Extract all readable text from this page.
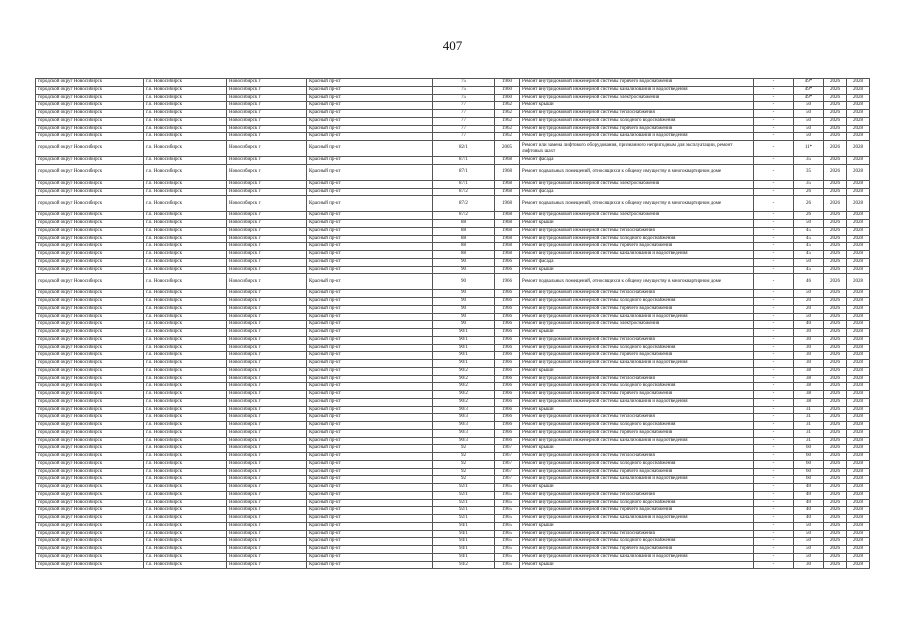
407
городской округ Новосибирск	г.о. Новосибирск	Новосибирск г	Красный пр-кт	75	1960	Ремонт внутридомовой инженерной системы горячего водоснабжения	-	49*	2026	2028
городской округ Новосибирск	г.о. Новосибирск	Новосибирск г	Красный пр-кт	75	1960	Ремонт внутридомовой инженерной системы канализования и водоотведения	-	49*	2026	2028
городской округ Новосибирск	г.о. Новосибирск	Новосибирск г	Красный пр-кт	75	1960	Ремонт внутридомовой инженерной системы электроснабжения	-	49*	2026	2028
городской округ Новосибирск	г.о. Новосибирск	Новосибирск г	Красный пр-кт	77	1962	Ремонт крыши	-	50	2026	2028
городской округ Новосибирск	г.о. Новосибирск	Новосибирск г	Красный пр-кт	77	1962	Ремонт внутридомовой инженерной системы теплоснабжения	-	50	2026	2028
городской округ Новосибирск	г.о. Новосибирск	Новосибирск г	Красный пр-кт	77	1962	Ремонт внутридомовой инженерной системы холодного водоснабжения	-	50	2026	2028
городской округ Новосибирск	г.о. Новосибирск	Новосибирск г	Красный пр-кт	77	1962	Ремонт внутридомовой инженерной системы горячего водоснабжения	-	50	2026	2028
городской округ Новосибирск	г.о. Новосибирск	Новосибирск г	Красный пр-кт	77	1962	Ремонт внутридомовой инженерной системы канализования и водоотведения	-	50	2026	2028
городской округ Новосибирск	г.о. Новосибирск	Новосибирск г	Красный пр-кт	82/1	2005	Ремонт или замена лифтового оборудования, признанного непригодным для эксплуатации, ремонт лифтовых шахт	-	11*	2026	2028
городской округ Новосибирск	г.о. Новосибирск	Новосибирск г	Красный пр-кт	87/1	1968	Ремонт фасада	-	35	2026	2028
городской округ Новосибирск	г.о. Новосибирск	Новосибирск г	Красный пр-кт	87/1	1968	Ремонт подвальных помещений, относящихся к общему имуществу в многоквартирном доме	-	35	2026	2028
городской округ Новосибирск	г.о. Новосибирск	Новосибирск г	Красный пр-кт	87/1	1968	Ремонт внутридомовой инженерной системы электроснабжения	-	35	2026	2028
городской округ Новосибирск	г.о. Новосибирск	Новосибирск г	Красный пр-кт	87/2	1968	Ремонт фасада	-	26	2026	2028
городской округ Новосибирск	г.о. Новосибирск	Новосибирск г	Красный пр-кт	87/2	1968	Ремонт подвальных помещений, относящихся к общему имуществу в многоквартирном доме	-	26	2026	2028
городской округ Новосибирск	г.о. Новосибирск	Новосибирск г	Красный пр-кт	87/2	1968	Ремонт внутридомовой инженерной системы электроснабжения	-	26	2026	2028
городской округ Новосибирск	г.о. Новосибирск	Новосибирск г	Красный пр-кт	88	1968	Ремонт крыши	-	50	2026	2028
городской округ Новосибирск	г.о. Новосибирск	Новосибирск г	Красный пр-кт	88	1968	Ремонт внутридомовой инженерной системы теплоснабжения	-	45	2026	2028
городской округ Новосибирск	г.о. Новосибирск	Новосибирск г	Красный пр-кт	88	1968	Ремонт внутридомовой инженерной системы холодного водоснабжения	-	45	2026	2028
городской округ Новосибирск	г.о. Новосибирск	Новосибирск г	Красный пр-кт	88	1968	Ремонт внутридомовой инженерной системы горячего водоснабжения	-	45	2026	2028
городской округ Новосибирск	г.о. Новосибирск	Новосибирск г	Красный пр-кт	88	1968	Ремонт внутридомовой инженерной системы канализования и водоотведения	-	45	2026	2028
городской округ Новосибирск	г.о. Новосибирск	Новосибирск г	Красный пр-кт	90	1966	Ремонт фасада	-	50	2026	2028
городской округ Новосибирск	г.о. Новосибирск	Новосибирск г	Красный пр-кт	90	1966	Ремонт крыши	-	45	2026	2028
городской округ Новосибирск	г.о. Новосибирск	Новосибирск г	Красный пр-кт	90	1966	Ремонт подвальных помещений, относящихся к общему имуществу в многоквартирном доме	-	46	2026	2028
городской округ Новосибирск	г.о. Новосибирск	Новосибирск г	Красный пр-кт	90	1966	Ремонт внутридомовой инженерной системы теплоснабжения	-	50	2026	2028
городской округ Новосибирск	г.о. Новосибирск	Новосибирск г	Красный пр-кт	90	1966	Ремонт внутридомовой инженерной системы холодного водоснабжения	-	20	2026	2028
городской округ Новосибирск	г.о. Новосибирск	Новосибирск г	Красный пр-кт	90	1966	Ремонт внутридомовой инженерной системы горячего водоснабжения	-	20	2026	2028
городской округ Новосибирск	г.о. Новосибирск	Новосибирск г	Красный пр-кт	90	1966	Ремонт внутридомовой инженерной системы канализования и водоотведения	-	50	2026	2028
городской округ Новосибирск	г.о. Новосибирск	Новосибирск г	Красный пр-кт	90	1966	Ремонт внутридомовой инженерной системы электроснабжения	-	40	2026	2028
городской округ Новосибирск	г.о. Новосибирск	Новосибирск г	Красный пр-кт	90/1	1966	Ремонт крыши	-	30	2026	2028
городской округ Новосибирск	г.о. Новосибирск	Новосибирск г	Красный пр-кт	90/1	1966	Ремонт внутридомовой инженерной системы теплоснабжения	-	30	2026	2028
городской округ Новосибирск	г.о. Новосибирск	Новосибирск г	Красный пр-кт	90/1	1966	Ремонт внутридомовой инженерной системы холодного водоснабжения	-	30	2026	2028
городской округ Новосибирск	г.о. Новосибирск	Новосибирск г	Красный пр-кт	90/1	1966	Ремонт внутридомовой инженерной системы горячего водоснабжения	-	30	2026	2028
городской округ Новосибирск	г.о. Новосибирск	Новосибирск г	Красный пр-кт	90/1	1966	Ремонт внутридомовой инженерной системы канализования и водоотведения	-	30	2026	2028
городской округ Новосибирск	г.о. Новосибирск	Новосибирск г	Красный пр-кт	90/2	1966	Ремонт крыши	-	38	2026	2028
городской округ Новосибирск	г.о. Новосибирск	Новосибирск г	Красный пр-кт	90/2	1966	Ремонт внутридомовой инженерной системы теплоснабжения	-	38	2026	2028
городской округ Новосибирск	г.о. Новосибирск	Новосибирск г	Красный пр-кт	90/2	1966	Ремонт внутридомовой инженерной системы холодного водоснабжения	-	38	2026	2028
городской округ Новосибирск	г.о. Новосибирск	Новосибирск г	Красный пр-кт	90/2	1966	Ремонт внутридомовой инженерной системы горячего водоснабжения	-	38	2026	2028
городской округ Новосибирск	г.о. Новосибирск	Новосибирск г	Красный пр-кт	90/2	1966	Ремонт внутридомовой инженерной системы канализования и водоотведения	-	38	2026	2028
городской округ Новосибирск	г.о. Новосибирск	Новосибирск г	Красный пр-кт	90/3	1966	Ремонт крыши	-	31	2026	2028
городской округ Новосибирск	г.о. Новосибирск	Новосибирск г	Красный пр-кт	90/3	1966	Ремонт внутридомовой инженерной системы теплоснабжения	-	31	2026	2028
городской округ Новосибирск	г.о. Новосибирск	Новосибирск г	Красный пр-кт	90/3	1966	Ремонт внутридомовой инженерной системы холодного водоснабжения	-	31	2026	2028
городской округ Новосибирск	г.о. Новосибирск	Новосибирск г	Красный пр-кт	90/3	1966	Ремонт внутридомовой инженерной системы горячего водоснабжения	-	31	2026	2028
городской округ Новосибирск	г.о. Новосибирск	Новосибирск г	Красный пр-кт	90/3	1966	Ремонт внутридомовой инженерной системы канализования и водоотведения	-	31	2026	2028
городской округ Новосибирск	г.о. Новосибирск	Новосибирск г	Красный пр-кт	92	1967	Ремонт крыши	-	60	2026	2028
городской округ Новосибирск	г.о. Новосибирск	Новосибирск г	Красный пр-кт	92	1967	Ремонт внутридомовой инженерной системы теплоснабжения	-	60	2026	2028
городской округ Новосибирск	г.о. Новосибирск	Новосибирск г	Красный пр-кт	92	1967	Ремонт внутридомовой инженерной системы холодного водоснабжения	-	60	2026	2028
городской округ Новосибирск	г.о. Новосибирск	Новосибирск г	Красный пр-кт	92	1967	Ремонт внутридомовой инженерной системы горячего водоснабжения	-	60	2026	2028
городской округ Новосибирск	г.о. Новосибирск	Новосибирск г	Красный пр-кт	92	1967	Ремонт внутридомовой инженерной системы канализования и водоотведения	-	60	2026	2028
городской округ Новосибирск	г.о. Новосибирск	Новосибирск г	Красный пр-кт	92/1	1965	Ремонт крыши	-	40	2026	2028
городской округ Новосибирск	г.о. Новосибирск	Новосибирск г	Красный пр-кт	92/1	1965	Ремонт внутридомовой инженерной системы теплоснабжения	-	40	2026	2028
городской округ Новосибирск	г.о. Новосибирск	Новосибирск г	Красный пр-кт	92/1	1965	Ремонт внутридомовой инженерной системы холодного водоснабжения	-	40	2026	2028
городской округ Новосибирск	г.о. Новосибирск	Новосибирск г	Красный пр-кт	92/1	1965	Ремонт внутридомовой инженерной системы горячего водоснабжения	-	40	2026	2028
городской округ Новосибирск	г.о. Новосибирск	Новосибирск г	Красный пр-кт	92/1	1965	Ремонт внутридомовой инженерной системы канализования и водоотведения	-	40	2026	2028
городской округ Новосибирск	г.о. Новосибирск	Новосибирск г	Красный пр-кт	94/1	1965	Ремонт крыши	-	50	2026	2028
городской округ Новосибирск	г.о. Новосибирск	Новосибирск г	Красный пр-кт	94/1	1965	Ремонт внутридомовой инженерной системы теплоснабжения	-	50	2026	2028
городской округ Новосибирск	г.о. Новосибирск	Новосибирск г	Красный пр-кт	94/1	1965	Ремонт внутридомовой инженерной системы холодного водоснабжения	-	50	2026	2028
городской округ Новосибирск	г.о. Новосибирск	Новосибирск г	Красный пр-кт	94/1	1965	Ремонт внутридомовой инженерной системы горячего водоснабжения	-	50	2026	2028
городской округ Новосибирск	г.о. Новосибирск	Новосибирск г	Красный пр-кт	94/1	1965	Ремонт внутридомовой инженерной системы канализования и водоотведения	-	50	2026	2028
городской округ Новосибирск	г.о. Новосибирск	Новосибирск г	Красный пр-кт	94/2	1965	Ремонт крыши	-	30	2026	2028
